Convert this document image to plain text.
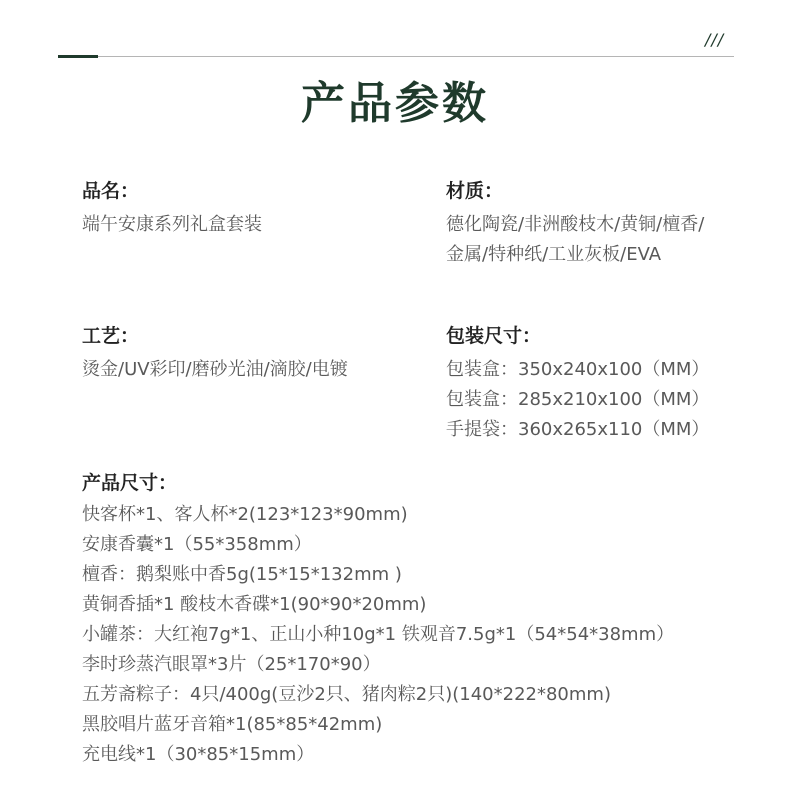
///
产品参数
品名：
端午安康系列礼盒套装
材质：
德化陶瓷/非洲酸枝木/黄铜/檀香/
金属/特种纸/工业灰板/EVA
工艺：
烫金/UV彩印/磨砂光油/滴胶/电镀
包装尺寸：
包装盒：350x240x100（MM）
包装盒：285x210x100（MM）
手提袋：360x265x110（MM）
产品尺寸：
快客杯*1、客人杯*2(123*123*90mm)
安康香囊*1（55*358mm）
檀香：鹅梨账中香5g(15*15*132mm )
黄铜香插*1 酸枝木香碟*1(90*90*20mm)
小罐茶：大红袍7g*1、正山小种10g*1 铁观音7.5g*1（54*54*38mm）
李时珍蒸汽眼罩*3片（25*170*90）
五芳斋粽子：4只/400g(豆沙2只、猪肉粽2只)(140*222*80mm)
黑胶唱片蓝牙音箱*1(85*85*42mm)
充电线*1（30*85*15mm）
